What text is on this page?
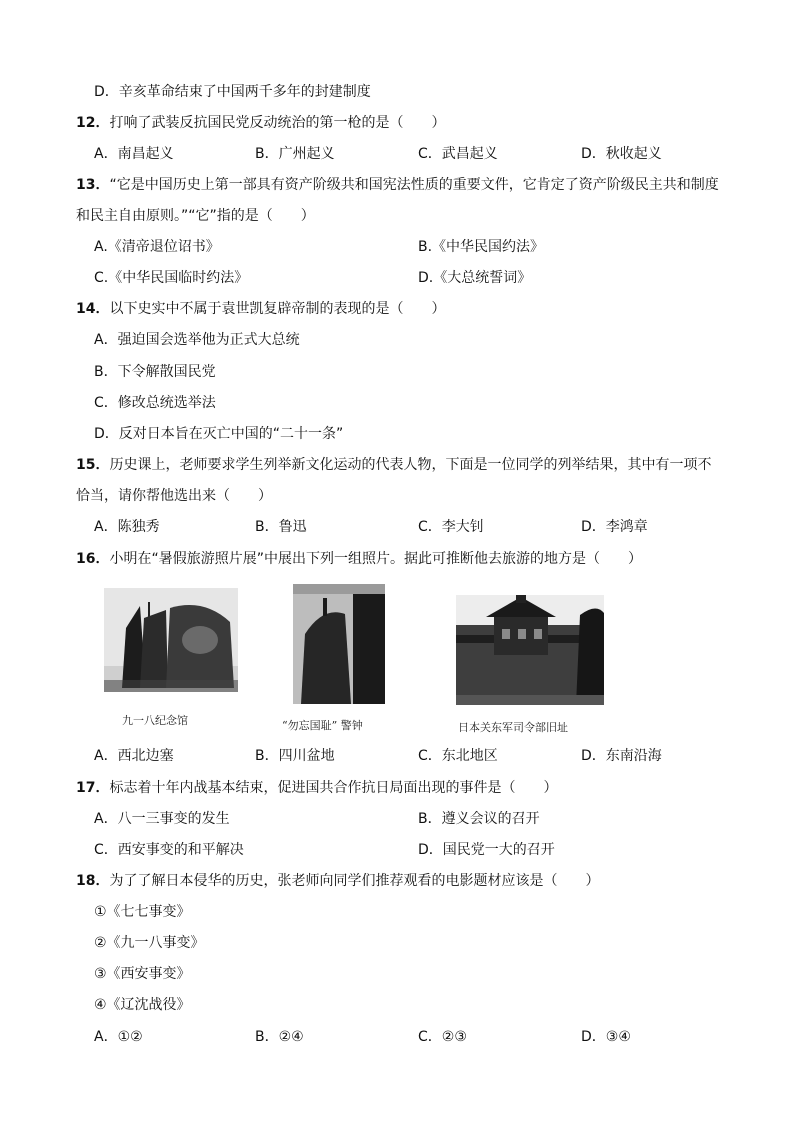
D．辛亥革命结束了中国两千多年的封建制度
12．打响了武装反抗国民党反动统治的第一枪的是（　　）
A．南昌起义	B．广州起义	C．武昌起义	D．秋收起义
13．“它是中国历史上第一部具有资产阶级共和国宪法性质的重要文件，它肯定了资产阶级民主共和制度
和民主自由原则。”“它”指的是（　　）
A.《清帝退位诏书》	B.《中华民国约法》
C.《中华民国临时约法》	D.《大总统誓词》
14．以下史实中不属于袁世凯复辟帝制的表现的是（　　）
A．强迫国会选举他为正式大总统
B．下令解散国民党
C．修改总统选举法
D．反对日本旨在灭亡中国的“二十一条”
15．历史课上，老师要求学生列举新文化运动的代表人物，下面是一位同学的列举结果，其中有一项不
恰当，请你帮他选出来（　　）
A．陈独秀	B．鲁迅	C．李大钊	D．李鸿章
16．小明在“暑假旅游照片展”中展出下列一组照片。据此可推断他去旅游的地方是（　　）
九一八纪念馆	“勿忘国耻” 警钟	日本关东军司令部旧址
A．西北边塞	B．四川盆地	C．东北地区	D．东南沿海
17．标志着十年内战基本结束，促进国共合作抗日局面出现的事件是（　　）
A．八一三事变的发生	B．遵义会议的召开
C．西安事变的和平解决	D．国民党一大的召开
18．为了了解日本侵华的历史，张老师向同学们推荐观看的电影题材应该是（　　）
①《七七事变》
②《九一八事变》
③《西安事变》
④《辽沈战役》
A．①②	B．②④	C．②③	D．③④
